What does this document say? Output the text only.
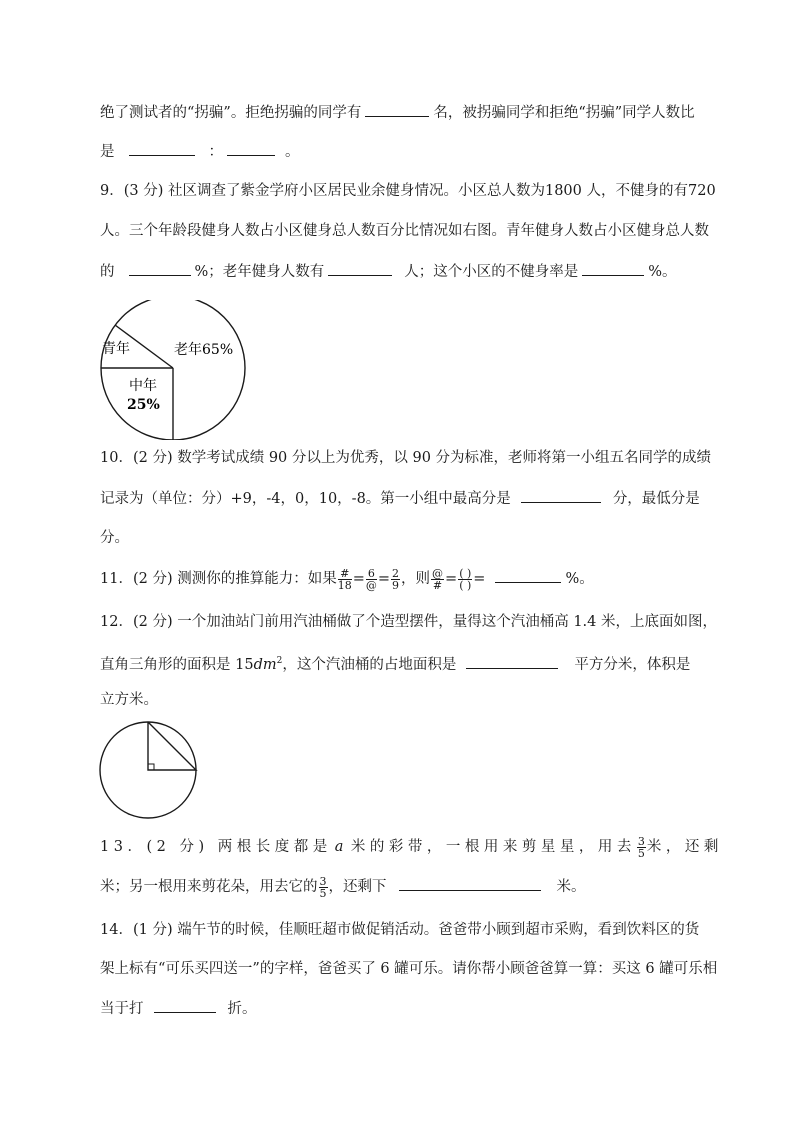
绝了测试者的“拐骗”。拒绝拐骗的同学有	名，被拐骗同学和拒绝“拐骗”同学人数比
是	：	。
9．(3 分) 社区调查了紫金学府小区居民业余健身情况。小区总人数为1800 人，不健身的有720
人。三个年龄段健身人数占小区健身总人数百分比情况如右图。青年健身人数占小区健身总人数
的	%；老年健身人数有	人；这个小区的不健身率是	%。
青年	老年65%
中年
25%
10．(2 分) 数学考试成绩 90 分以上为优秀，以 90 分为标准，老师将第一小组五名同学的成绩
记录为（单位：分）+9，-4，0，10，-8。第一小组中最高分是	分，最低分是
分。
11．(2 分) 测测你的推算能力：如果 $\frac{\#}{18} = \frac{6}{@} = \frac{2}{9}$ ，则 $\frac{@}{\#} = \frac{( )}{( )}$ =	%。
12．(2 分) 一个加油站门前用汽油桶做了个造型摆件，量得这个汽油桶高 1.4 米，上底面如图，
直角三角形的面积是 $15dm^2$，这个汽油桶的占地面积是	平方分米，体积是
立方米。
13．(2 分) 两根长度都是 a 米的彩带，一根用来剪星星，用去 $\frac{3}{5}$ 米，还剩
米；另一根用来剪花朵，用去它的 $\frac{3}{5}$ ，还剩下	米。
14．(1 分) 端午节的时候，佳顺旺超市做促销活动。爸爸带小顾到超市采购，看到饮料区的货
架上标有“可乐买四送一”的字样，爸爸买了 6 罐可乐。请你帮小顾爸爸算一算：买这 6 罐可乐相
当于打	折。
